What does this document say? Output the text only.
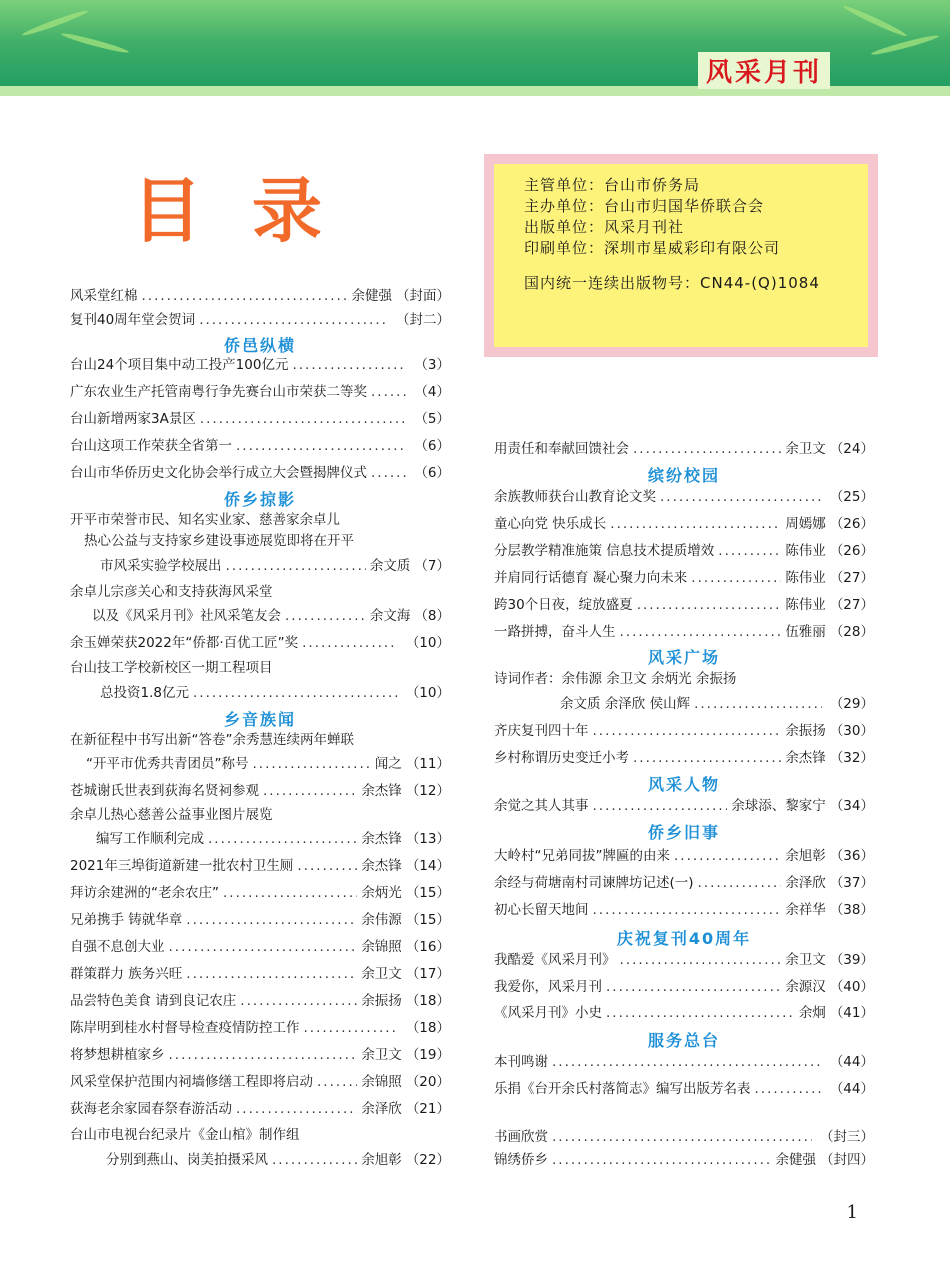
风采月刊
目录	主管单位：台山市侨务局
主办单位：台山市归国华侨联合会
出版单位：风采月刊社
印刷单位：深圳市星威彩印有限公司
国内统一连续出版物号：CN44-(Q)1084
风采堂红棉 .....	余健强 （封面）
复刊40周年堂会贺词 .....	（封二）
侨邑纵横
台山24个项目集中动工投产100亿元 .....	（3）
广东农业生产托管南粤行争先赛台山市荣获二等奖 .....	（4）
台山新增两家3A景区 .....	（5）
台山这项工作荣获全省第一 .....	（6）
台山市华侨历史文化协会举行成立大会暨揭牌仪式 .....	（6）
侨乡掠影
开平市荣誉市民、知名实业家、慈善家余卓儿
热心公益与支持家乡建设事迹展览即将在开平
市风采实验学校展出 .....	余文质 （7）
余卓儿宗彦关心和支持荻海风采堂
以及《风采月刊》社风采笔友会 .....	余文海 （8）
余玉婵荣获2022年“侨都·百优工匠”奖 .....	（10）
台山技工学校新校区一期工程项目
总投资1.8亿元 .....	（10）
乡音族闻
在新征程中书写出新“答卷”余秀慧连续两年蝉联
“开平市优秀共青团员”称号 .....	闻之 （11）
苍城谢氏世表到荻海名贤祠参观 .....	余杰锋 （12）
余卓儿热心慈善公益事业图片展览
编写工作顺利完成 .....	余杰锋 （13）
2021年三埠街道新建一批农村卫生厕 .....	余杰锋 （14）
拜访余建洲的“老余农庄” .....	余炳光 （15）
兄弟携手 铸就华章 .....	余伟源 （15）
自强不息创大业 .....	余锦照 （16）
群策群力 族务兴旺 .....	余卫文 （17）
品尝特色美食 请到良记农庄 .....	余振扬 （18）
陈岸明到桂水村督导检查疫情防控工作 .....	（18）
将梦想耕植家乡 .....	余卫文 （19）
风采堂保护范围内祠墙修缮工程即将启动 .....	余锦照 （20）
荻海老余家园春祭春游活动 .....	余泽欣 （21）
台山市电视台纪录片《金山棺》制作组
分别到燕山、岗美拍摄采风 .....	余旭彰 （22）
用责任和奉献回馈社会 .....	余卫文 （24）
缤纷校园
余族教师获台山教育论文奖 .....	（25）
童心向党 快乐成长 .....	周嫣娜 （26）
分层教学精准施策 信息技术提质增效 .....	陈伟业 （26）
并肩同行话德育 凝心聚力向未来 .....	陈伟业 （27）
跨30个日夜，绽放盛夏 .....	陈伟业 （27）
一路拼搏，奋斗人生 .....	伍雅丽 （28）
风采广场
诗词作者：余伟源 余卫文 余炳光 余振扬
余文质 余泽欣 侯山辉 .....	（29）
齐庆复刊四十年 .....	余振扬 （30）
乡村称谓历史变迁小考 .....	余杰锋 （32）
风采人物
余觉之其人其事 .....	余球添、黎家宁 （34）
侨乡旧事
大岭村“兄弟同拔”牌匾的由来 .....	余旭彰 （36）
余经与荷塘南村司谏牌坊记述(一) .....	余泽欣 （37）
初心长留天地间 .....	余祥华 （38）
庆祝复刊40周年
我酷爱《风采月刊》 .....	余卫文 （39）
我爱你，风采月刊 .....	余源汉 （40）
《风采月刊》小史 .....	余炯 （41）
服务总台
本刊鸣谢 .....	（44）
乐捐《台开余氏村落简志》编写出版芳名表 .....	（44）
书画欣赏 .....	（封三）
锦绣侨乡 .....	余健强 （封四）
1
